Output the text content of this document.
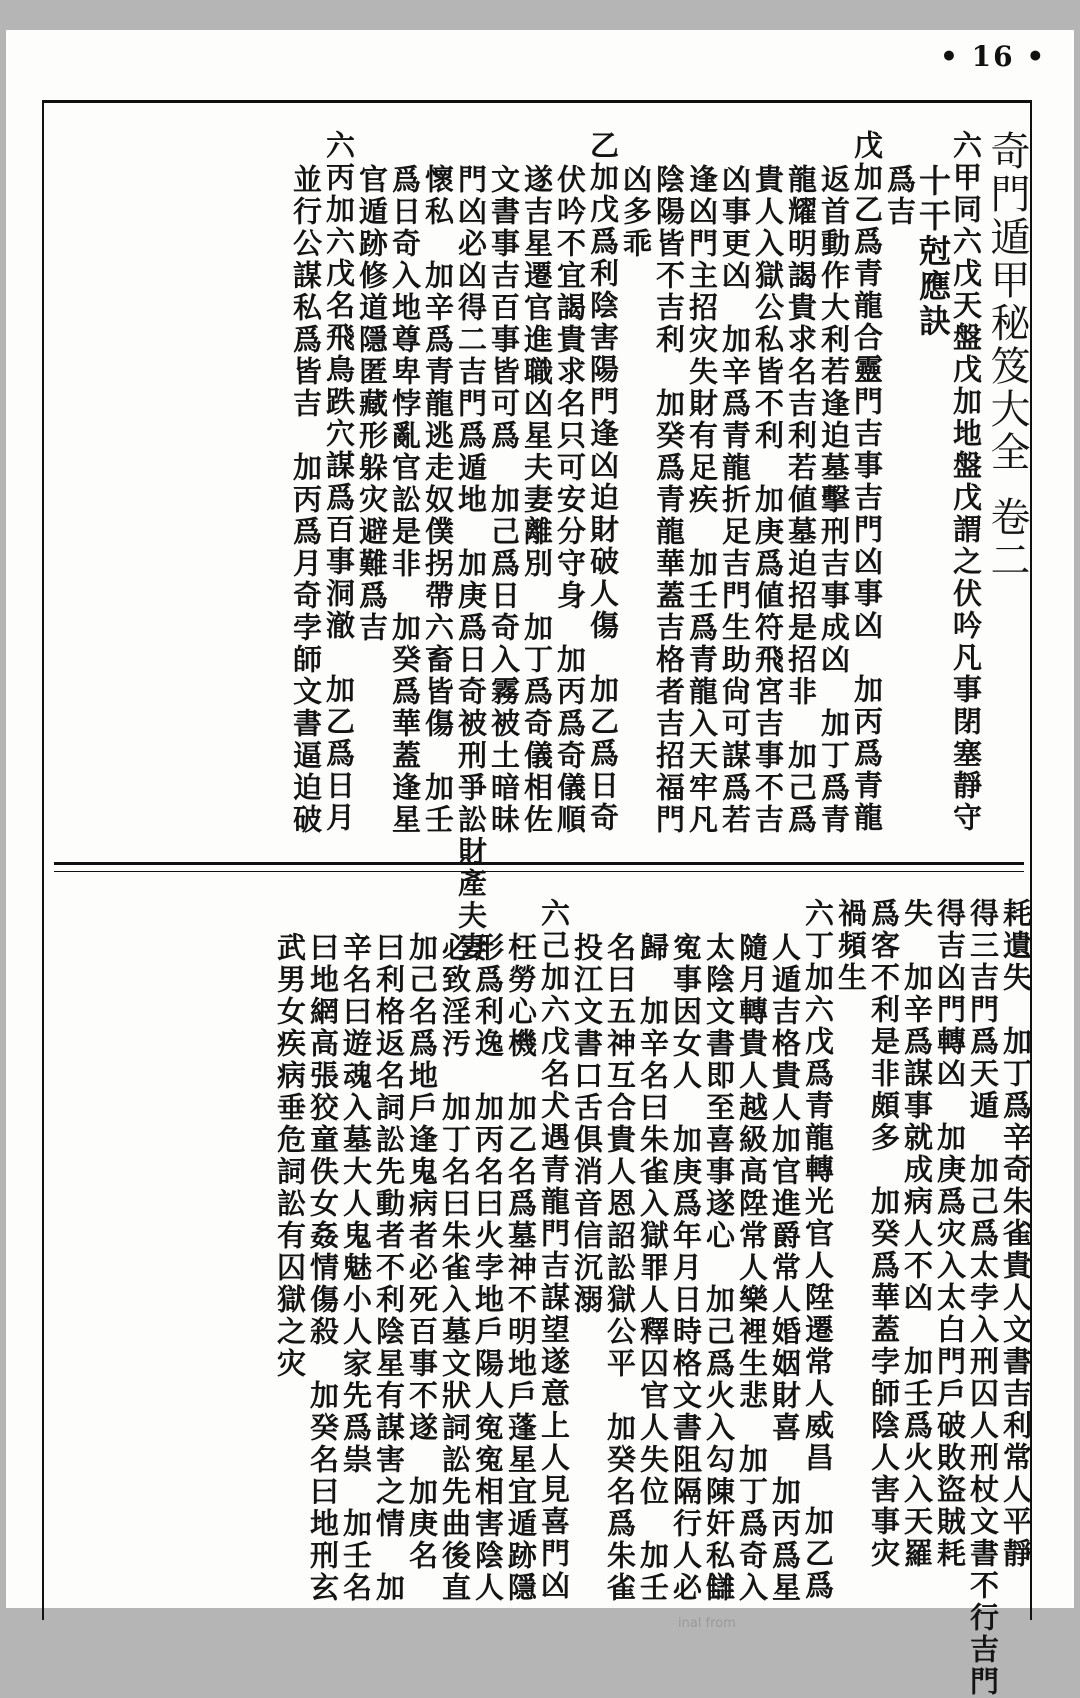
• 16 •
奇門遁甲秘笈大全卷二
六甲同六戊天盤戊加地盤戊謂之伏吟凡事閉塞靜守
十干尅應訣
爲吉
戊加乙爲青龍合靈門吉事吉門凶事凶　加丙爲青龍
返首動作大利若逢迫墓擊刑吉事成凶　加丁爲青
龍耀明謁貴求名吉利若値墓迫招是招非　加己爲
貴人入獄公私皆不利　加庚爲値符飛宮吉事不吉
凶事更凶　加辛爲青龍折足吉門生助尙可謀爲若
逢凶門主招灾失財有足疾　加壬爲青龍入天牢凡
陰陽皆不吉利　加癸爲青龍華蓋吉格者吉招福門
凶多乖
乙加戊爲利陰害陽門逢凶迫財破人傷　加乙爲日奇
伏吟不宜謁貴求名只可安分守身　加丙爲奇儀順
遂吉星遷官進職凶星夫妻離別　加丁爲奇儀相佐
文書事吉百事皆可爲　加己爲日奇入霧被土暗昧
門凶必凶得二吉門爲遁地　加庚爲日奇被刑爭訟財產夫妻
懷私　加辛爲青龍逃走奴僕拐帶六畜皆傷　加壬
爲日奇入地尊卑悖亂官訟是非　加癸爲華蓋逢星
官遁跡修道隱匿藏形躲灾避難爲吉
六丙加六戊名飛鳥跌穴謀爲百事洞澈　加乙爲日月
並行公謀私爲皆吉　加丙爲月奇孛師文書逼迫破
耗遺失　加丁爲辛奇朱雀貴人文書吉利常人平靜
得三吉門爲天遁　加己爲太孛入刑囚人刑杖文書不行吉門
得吉凶門轉凶　加庚爲灾入太白門戶破敗盜賊耗
失　加辛爲謀事就成病人不凶　加壬爲火入天羅
爲客不利是非頗多　加癸爲華蓋孛師陰人害事灾
禍頻生
六丁加六戊爲青龍轉光官人陞遷常人威昌　加乙爲
人遁吉格貴人加官進爵常人婚姻財喜　加丙爲星
隨月轉貴人越級高陞常人樂裡生悲　加丁爲奇入
太陰文書即至喜事遂心　加己爲火入勾陳奸私讎
寃事因女人　加庚爲年月日時格文書阻隔行人必
歸　加辛名曰朱雀入獄罪人釋囚官人失位　加壬
名曰五神互合貴人恩詔訟獄公平　加癸名爲朱雀
投江文書口舌俱消音信沉溺
六己加六戊名犬遇青龍門吉謀望遂意上人見喜門凶
枉勞心機　加乙名爲墓神不明地戶蓬星宜遁跡隱
形爲利逸　加丙名曰火孛地戶陽人寃寃相害陰人
必致淫汚　加丁名曰朱雀入墓文狀詞訟先曲後直
加己名爲地戶逢鬼病者必死百事不遂　加庚名
曰利格返名詞訟先動者不利陰星有謀害之情　加
辛名曰遊魂入墓大人鬼魅小人家先爲祟　加壬名
曰地網高張狡童佚女姦情傷殺　加癸名曰地刑玄
武男女疾病垂危詞訟有囚獄之灾
inal from
